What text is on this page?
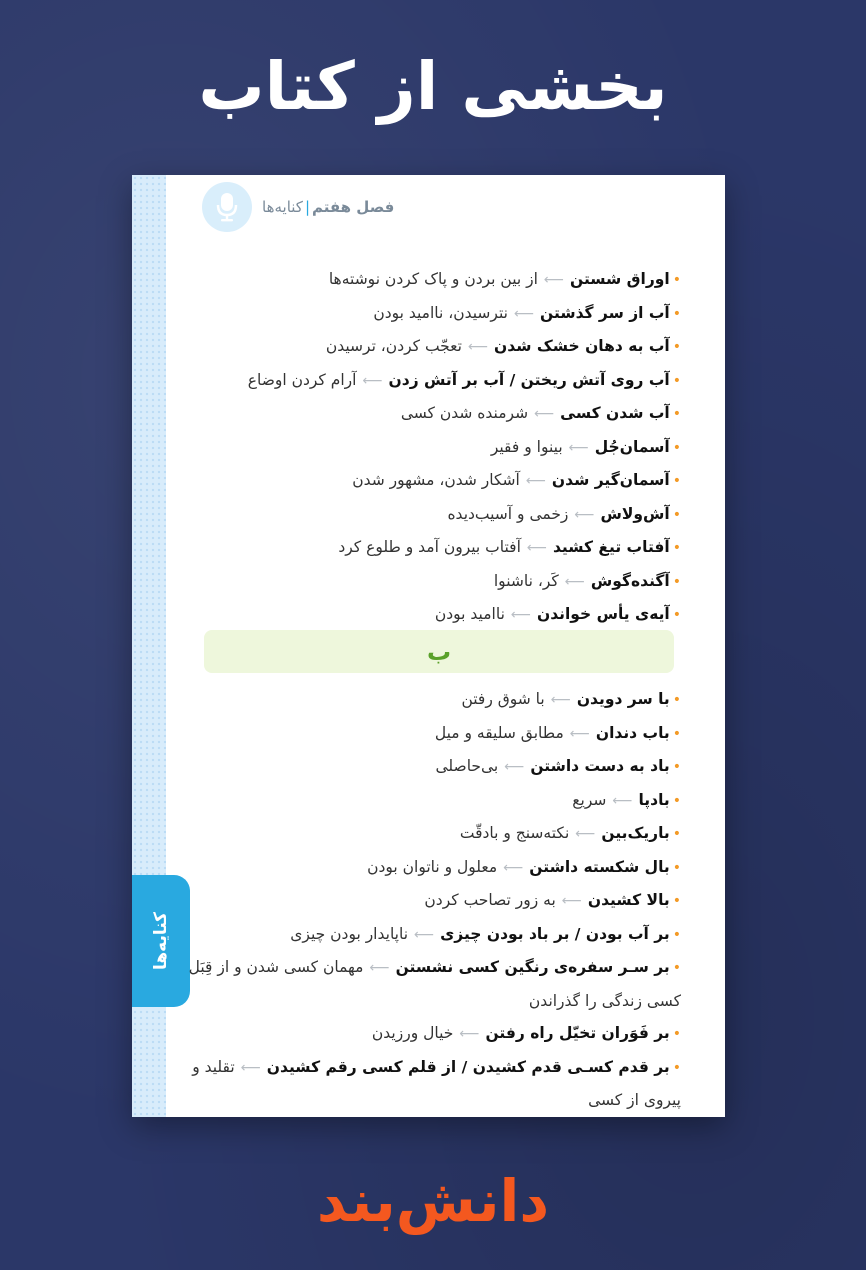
بخشی از کتاب
کنایه‌ها
فصل هفتم|کنایه‌ها
•اوراق شستن⟵از بین بردن و پاک کردن نوشته‌ها
•آب از سر گذشتن⟵نترسیدن، ناامید بودن
•آب به دهان خشک شدن⟵تعجّب کردن، ترسیدن
•آب روی آتش ریختن / آب بر آتش زدن⟵آرام کردن اوضاع
•آب شدن کسی⟵شرمنده شدن کسی
•آسمان‌جُل⟵بینوا و فقیر
•آسمان‌گیر شدن⟵آشکار شدن، مشهور شدن
•آش‌ولاش⟵زخمی و آسیب‌دیده
•آفتاب تیغ کشید⟵آفتاب بیرون آمد و طلوع کرد
•آگنده‌گوش⟵کَر، ناشنوا
•آیه‌ی یأس خواندن⟵ناامید بودن
ب
•با سر دویدن⟵با شوق رفتن
•باب دندان⟵مطابق سلیقه و میل
•باد به دست داشتن⟵بی‌حاصلی
•بادپا⟵سریع
•باریک‌بین⟵نکته‌سنج و بادقّت
•بال شکسته داشتن⟵معلول و ناتوان بودن
•بالا کشیدن⟵به زور تصاحب کردن
•بر آب بودن / بر باد بودن چیزی⟵ناپایدار بودن چیزی
•بر سـر سفره‌ی رنگین کسی نشستن⟵مهمان کسی شدن و از قِبَل کسی زندگی را گذراندن
•بر فَوَران تخیّل راه رفتن⟵خیال ورزیدن
•بر قدم کسـی قدم کشیدن / از قلم کسی رقم کشیدن⟵تقلید و پیروی از کسی
دانش‌بند
